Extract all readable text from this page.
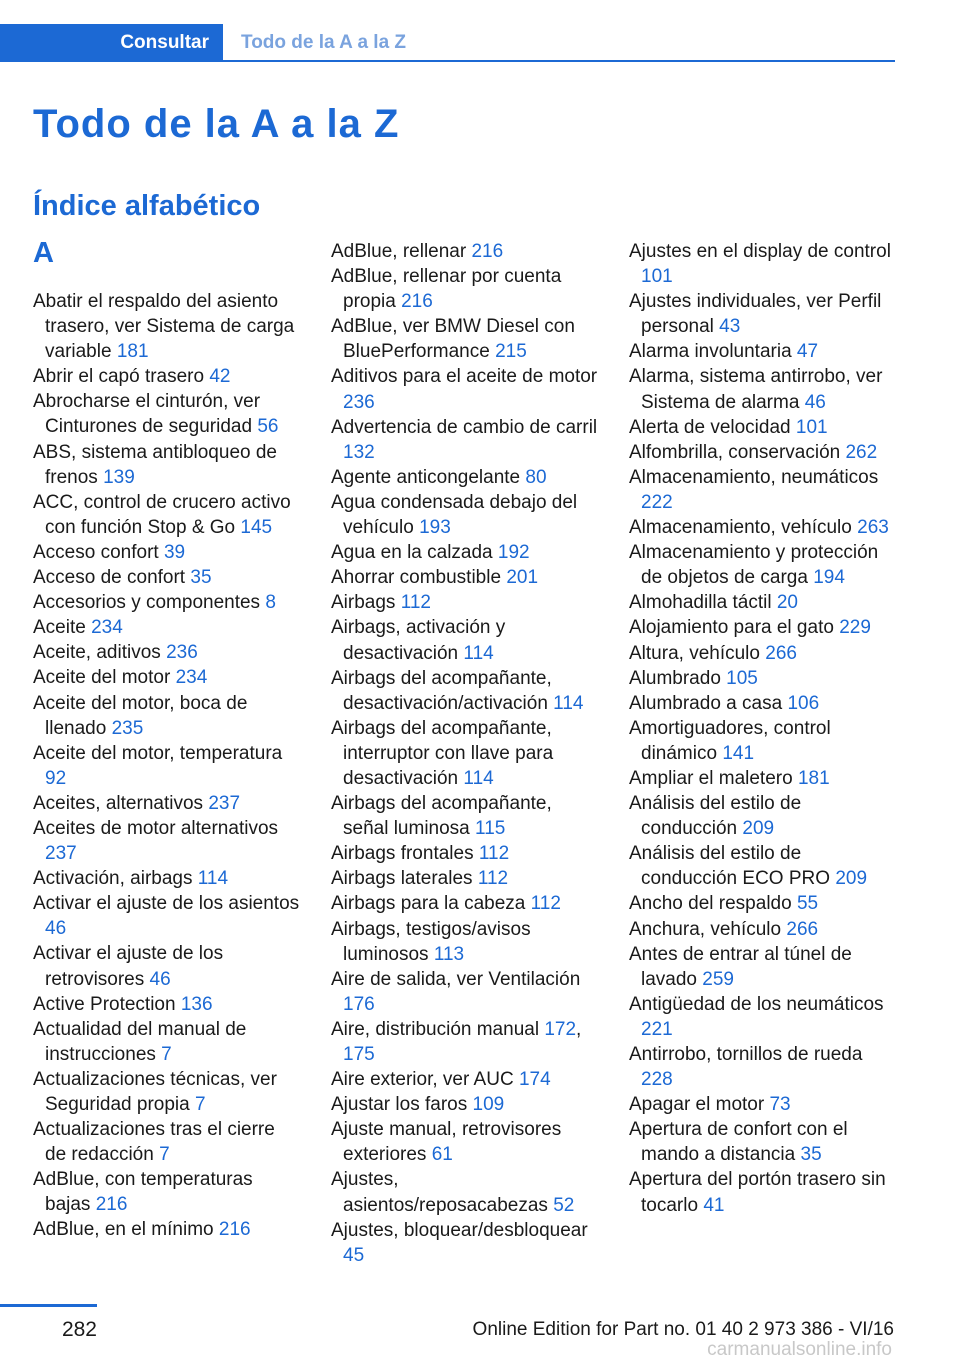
Consultar	Todo de la A a la Z
Todo de la A a la Z
Índice alfabético
A

Abatir el respaldo del asiento trasero, ver Sistema de carga variable 181

Abrir el capó trasero 42

Abrocharse el cinturón, ver Cinturones de seguridad 56

ABS, sistema antibloqueo de frenos 139

ACC, control de crucero activo con función Stop & Go 145

Acceso confort 39

Acceso de confort 35

Accesorios y componentes 8

Aceite 234

Aceite, aditivos 236

Aceite del motor 234

Aceite del motor, boca de llenado 235

Aceite del motor, temperatura 92

Aceites, alternativos 237

Aceites de motor alternativos 237

Activación, airbags 114

Activar el ajuste de los asientos 46

Activar el ajuste de los retrovisores 46

Active Protection 136

Actualidad del manual de instrucciones 7

Actualizaciones técnicas, ver Seguridad propia 7

Actualizaciones tras el cierre de redacción 7

AdBlue, con temperaturas bajas 216

AdBlue, en el mínimo 216

AdBlue, rellenar 216

AdBlue, rellenar por cuenta propia 216

AdBlue, ver BMW Diesel con BluePerformance 215

Aditivos para el aceite de motor 236

Advertencia de cambio de carril 132

Agente anticongelante 80

Agua condensada debajo del vehículo 193

Agua en la calzada 192

Ahorrar combustible 201

Airbags 112

Airbags, activación y desactivación 114

Airbags del acompañante, desactivación/activación 114

Airbags del acompañante, interruptor con llave para desactivación 114

Airbags del acompañante, señal luminosa 115

Airbags frontales 112

Airbags laterales 112

Airbags para la cabeza 112

Airbags, testigos/avisos luminosos 113

Aire de salida, ver Ventilación 176

Aire, distribución manual 172, 175

Aire exterior, ver AUC 174

Ajustar los faros 109

Ajuste manual, retrovisores exteriores 61

Ajustes, asientos/reposacabezas 52

Ajustes, bloquear/desbloquear 45

Ajustes en el display de control 101

Ajustes individuales, ver Perfil personal 43

Alarma involuntaria 47

Alarma, sistema antirrobo, ver Sistema de alarma 46

Alerta de velocidad 101

Alfombrilla, conservación 262

Almacenamiento, neumáticos 222

Almacenamiento, vehículo 263

Almacenamiento y protección de objetos de carga 194

Almohadilla táctil 20

Alojamiento para el gato 229

Altura, vehículo 266

Alumbrado 105

Alumbrado a casa 106

Amortiguadores, control dinámico 141

Ampliar el maletero 181

Análisis del estilo de conducción 209

Análisis del estilo de conducción ECO PRO 209

Ancho del respaldo 55

Anchura, vehículo 266

Antes de entrar al túnel de lavado 259

Antigüedad de los neumáticos 221

Antirrobo, tornillos de rueda 228

Apagar el motor 73

Apertura de confort con el mando a distancia 35

Apertura del portón trasero sin tocarlo 41

282	Online Edition for Part no. 01 40 2 973 386 - VI/16
carmanualsonline.info
